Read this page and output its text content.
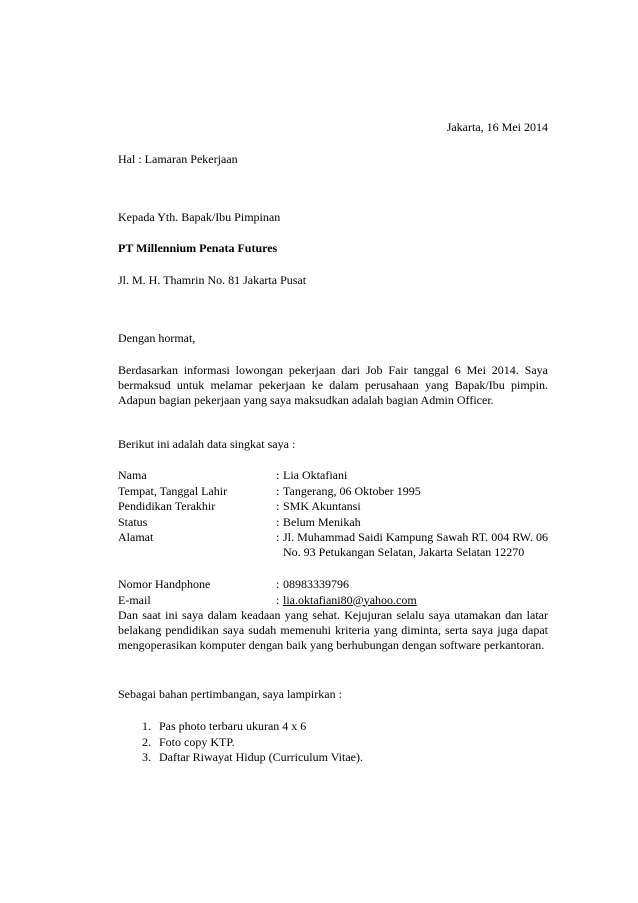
Jakarta, 16 Mei 2014
Hal : Lamaran Pekerjaan
Kepada Yth. Bapak/Ibu Pimpinan
PT Millennium Penata Futures
Jl. M. H. Thamrin No. 81 Jakarta Pusat
Dengan hormat,
Berdasarkan informasi lowongan pekerjaan dari Job Fair tanggal 6 Mei 2014. Saya bermaksud untuk melamar pekerjaan ke dalam perusahaan yang Bapak/Ibu pimpin. Adapun bagian pekerjaan yang saya maksudkan adalah bagian Admin Officer.
Berikut ini adalah data singkat saya :
Nama	: Lia Oktafiani
Tempat, Tanggal Lahir	: Tangerang, 06 Oktober 1995
Pendidikan Terakhir	: SMK Akuntansi
Status	: Belum Menikah
Alamat	: Jl. Muhammad Saidi Kampung Sawah RT. 004 RW. 06 No. 93 Petukangan Selatan, Jakarta Selatan 12270
Nomor Handphone	: 08983339796
E-mail	: lia.oktafiani80@yahoo.com
Dan saat ini saya dalam keadaan yang sehat. Kejujuran selalu saya utamakan dan latar belakang pendidikan saya sudah memenuhi kriteria yang diminta, serta saya juga dapat mengoperasikan komputer dengan baik yang berhubungan dengan software perkantoran.
Sebagai bahan pertimbangan, saya lampirkan :
1. Pas photo terbaru ukuran 4 x 6
2. Foto copy KTP.
3. Daftar Riwayat Hidup (Curriculum Vitae).
